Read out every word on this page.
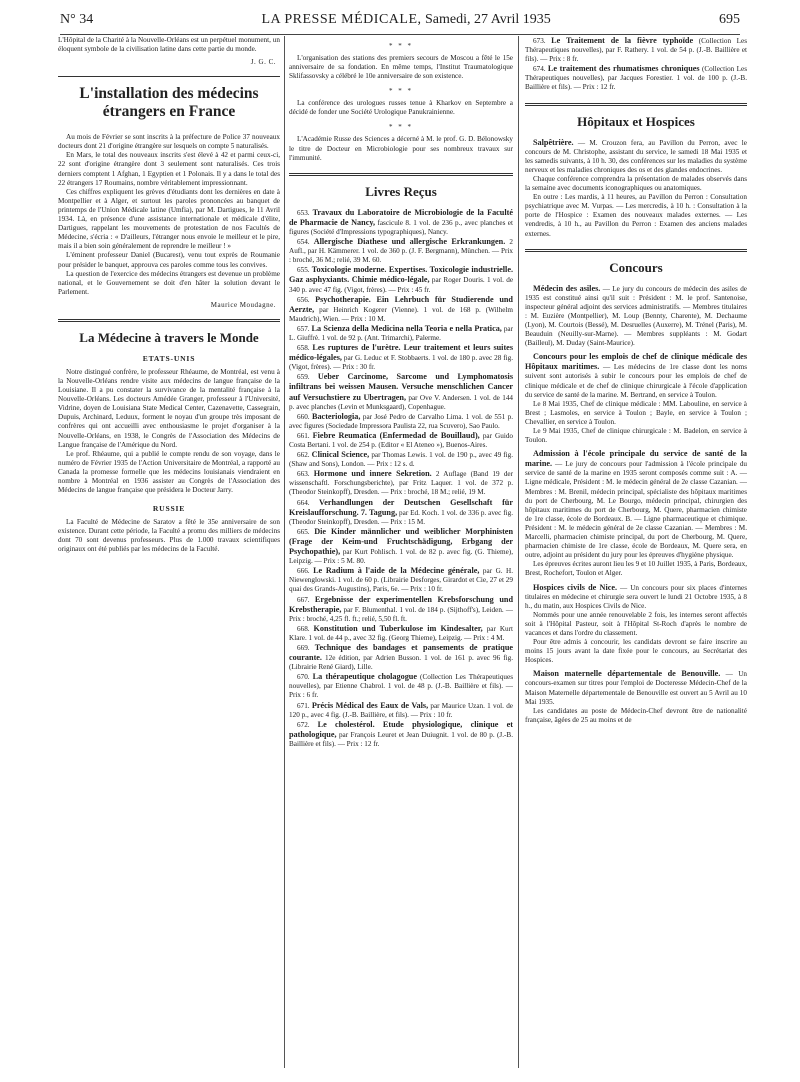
N° 34	LA PRESSE MÉDICALE, Samedi, 27 Avril 1935	695

L'Hôpital de la Charité à la Nouvelle-Orléans est un perpétuel monument, un éloquent symbole de la civilisation latine dans cette partie du monde.

J. G. C.
L'installation des médecins étrangers en France

Au mois de Février se sont inscrits à la préfecture de Police 37 nouveaux docteurs dont 21 d'origine étrangère sur lesquels on compte 5 naturalisés.

En Mars, le total des nouveaux inscrits s'est élevé à 42 et parmi ceux-ci, 22 sont d'origine étrangère dont 3 seulement sont naturalisés. Ces trois derniers comptent 1 Afghan, 1 Egyptien et 1 Polonais. Il y a dans le total des 22 étrangers 17 Roumains, nombre véritablement impressionnant.

Ces chiffres expliquent les grèves d'étudiants dont les dernières en date à Montpellier et à Alger, et surtout les paroles prononcées au banquet de printemps de l'Union Médicale latine (Umfia), par M. Dartigues, le 11 Avril 1934. Là, en présence d'une assistance internationale et médicale d'élite, Dartigues, rappelant les mouvements de protestation de nos Facultés de Médecine, s'écria : « D'ailleurs, l'étranger nous envoie le meilleur et le pire, mais il a bien soin généralement de reprendre le meilleur ! »

L'éminent professeur Daniel (Bucarest), venu tout exprès de Roumanie pour présider le banquet, approuva ces paroles comme tous les convives.

La question de l'exercice des médecins étrangers est devenue un problème national, et le Gouvernement se doit d'en hâter la solution devant le Parlement.

Maurice Moudagne.
La Médecine à travers le Monde
ETATS-UNIS

Notre distingué confrère, le professeur Rhéaume, de Montréal, est venu à la Nouvelle-Orléans rendre visite aux médecins de langue française de la Louisiane. Il a pu constater la survivance de la mentalité française à la Nouvelle-Orléans. Les docteurs Amédée Granger, professeur à l'Université, Vidrine, doyen de Louisiana State Medical Center, Cazenavette, Cassegrain, Dupuis, Archinard, Leduux, forment le noyau d'un groupe très imposant de confrères qui ont accueilli avec enthousiasme le projet d'organiser à la Nouvelle-Orléans, en 1938, le Congrès de l'Association des Médecins de Langue française de l'Amérique du Nord.

Le prof. Rhéaume, qui a publié le compte rendu de son voyage, dans le numéro de Février 1935 de l'Action Universitaire de Montréal, a rapporté au Canada la promesse formelle que les médecins louisianais viendraient en nombre à Montréal en 1936 assister au Congrès de l'Association des Médecins de langue française que présidera le Docteur Jarry.

RUSSIE

La Faculté de Médecine de Saratov a fêté le 35e anniversaire de son existence. Durant cette période, la Faculté a promu des milliers de médecins dont 70 sont devenus professeurs. Plus de 1.000 travaux scientifiques originaux ont été publiés par les médecins de la Faculté.

* * *

L'organisation des stations des premiers secours de Moscou a fêté le 15e anniversaire de sa fondation. En même temps, l'Institut Traumatologique Sklifassovsky a célébré le 10e anniversaire de son existence.

* * *

La conférence des urologues russes tenue à Kharkov en Septembre a décidé de fonder une Société Urologique Panukrainienne.

* * *

L'Académie Russe des Sciences a décerné à M. le prof. G. D. Bélonowsky le titre de Docteur en Microbiologie pour ses nombreux travaux sur l'immunité.

Livres Reçus

653. Travaux du Laboratoire de Microbiologie de la Faculté de Pharmacie de Nancy, fascicule 8. 1 vol. de 236 p., avec planches et figures (Société d'Impressions typographiques), Nancy.

654. Allergische Diathese und allergische Erkrankungen. 2 Aufl., par H. Kämmerer. 1 vol. de 360 p. (J. F. Bergmann), München. — Prix : broché, 36 M.; relié, 39 M. 60.

655. Toxicologie moderne. Expertises. Toxicologie industrielle. Gaz asphyxiants. Chimie médico-légale, par Roger Douris. 1 vol. de 340 p. avec 47 fig. (Vigot, frères). — Prix : 45 fr.

656. Psychotherapie. Ein Lehrbuch für Studierende und Aerzte, par Heinrich Kogerer (Vienne). 1 vol. de 168 p. (Wilhelm Maudrich), Wien. — Prix : 10 M.

657. La Scienza della Medicina nella Teoria e nella Pratica, par L. Giuffrè. 1 vol. de 92 p. (Ant. Trimarchi), Palerme.

658. Les ruptures de l'urètre. Leur traitement et leurs suites médico-légales, par G. Leduc et F. Stobbaerts. 1 vol. de 180 p. avec 28 fig. (Vigot, frères). — Prix : 30 fr.

659. Ueber Carcinome, Sarcome und Lymphomatosis infiltrans bei weissen Mausen. Versuche menschlichen Cancer auf Versuchstiere zu Ubertragen, par Ove V. Andersen. 1 vol. de 144 p. avec planches (Levin et Munksgaard), Copenhague.

660. Bacteriologia, par José Pedro de Carvalho Lima. 1 vol. de 551 p. avec figures (Sociedade Impressora Paulista 22, rua Scuvero), Sao Paulo.

661. Fiebre Reumatica (Enfermedad de Bouillaud), par Guido Costa Bertani. 1 vol. de 254 p. (Editor « El Ateneo »), Buenos-Aires.

662. Clinical Science, par Thomas Lewis. 1 vol. de 190 p., avec 49 fig. (Shaw and Sons), London. — Prix : 12 s. d.

663. Hormone und innere Sekretion. 2 Auflage (Band 19 der wissenschaftl. Forschungsberichte), par Fritz Laquer. 1 vol. de 372 p. (Theodor Steinkopff), Dresden. — Prix : broché, 18 M.; relié, 19 M.

664. Verhandlungen der Deutschen Gesellschaft für Kreislaufforschung. 7. Tagung, par Ed. Koch. 1 vol. de 336 p. avec fig. (Theodor Steinkopff), Dresden. — Prix : 15 M.

665. Die Kinder männlicher und weiblicher Morphinisten (Frage der Keim-und Fruchtschädigung, Erbgang der Psychopathie), par Kurt Pohlisch. 1 vol. de 82 p. avec fig. (G. Thieme), Leipzig. — Prix : 5 M. 80.

666. Le Radium à l'aide de la Médecine générale, par G. H. Niewenglowski. 1 vol. de 60 p. (Librairie Desforges, Girardot et Cie, 27 et 29 quai des Grands-Augustins), Paris, 6e. — Prix : 10 fr.

667. Ergebnisse der experimentellen Krebsforschung und Krebstherapie, par F. Blumenthal. 1 vol. de 184 p. (Sijthoff's), Leiden. — Prix : broché, 4,25 fl. ft.; relié, 5,50 fl. ft.

668. Konstitution und Tuberkulose im Kindesalter, par Kurt Klare. 1 vol. de 44 p., avec 32 fig. (Georg Thieme), Leipzig. — Prix : 4 M.

669. Technique des bandages et pansements de pratique courante. 12e édition, par Adrien Busson. 1 vol. de 161 p. avec 96 fig. (Librairie René Giard), Lille.

670. La thérapeutique cholagogue (Collection Les Thérapeutiques nouvelles), par Etienne Chabrol. 1 vol. de 48 p. (J.-B. Baillière et fils). — Prix : 6 fr.

671. Précis Médical des Eaux de Vals, par Maurice Uzan. 1 vol. de 120 p., avec 4 fig. (J.-B. Baillière, et fils). — Prix : 10 fr.

672. Le cholestérol. Etude physiologique, clinique et pathologique, par François Leuret et Jean Duiugnit. 1 vol. de 80 p. (J.-B. Baillière et fils). — Prix : 12 fr.

673. Le Traitement de la fièvre typhoïde (Collection Les Thérapeutiques nouvelles), par F. Rathery. 1 vol. de 54 p. (J.-B. Baillière et fils). — Prix : 8 fr.

674. Le traitement des rhumatismes chroniques (Collection Les Thérapeutiques nouvelles), par Jacques Forestier. 1 vol. de 100 p. (J.-B. Baillière et fils). — Prix : 12 fr.

Hôpitaux et Hospices

Salpêtrière. — M. Crouzon fera, au Pavillon du Perron, avec le concours de M. Christophe, assistant du service, le samedi 18 Mai 1935 et les samedis suivants, à 10 h. 30, des conférences sur les maladies du système nerveux et les maladies chroniques des os et des glandes endocrines.

Chaque conférence comprendra la présentation de malades observés dans la semaine avec documents iconographiques ou anatomiques.

En outre : Les mardis, à 11 heures, au Pavillon du Perron : Consultation psychiatrique avec M. Vurpas. — Les mercredis, à 10 h. : Consultation à la porte de l'Hospice : Examen des nouveaux malades externes. — Les vendredis, à 10 h., au Pavillon du Perron : Examen des anciens malades externes.

Concours

Médecin des asiles. — Le jury du concours de médecin des asiles de 1935 est constitué ainsi qu'il suit : Président : M. le prof. Santenoise, inspecteur général adjoint des services administratifs. — Membres titulaires : M. Euzière (Montpellier), M. Loup (Bennty, Charente), M. Dechaume (Lyon), M. Courtois (Bessé), M. Desruelles (Auxerre), M. Trénel (Paris), M. Beauduin (Neuilly-sur-Marne). — Membres suppléants : M. Godart (Bailleul), M. Duday (Saint-Maurice).

Concours pour les emplois de chef de clinique médicale des Hôpitaux maritimes. — Les médecins de 1re classe dont les noms suivent sont autorisés à subir le concours pour les emplois de chef de clinique médicale et de chef de clinique chirurgicale à l'école d'application du service de santé de la marine. M. Bertrand, en service à Toulon.

Le 8 Mai 1935, Chef de clinique médicale : MM. Labouline, en service à Brest ; Lasmoles, en service à Toulon ; Bayle, en service à Toulon ; Chevallier, en service à Toulon.

Le 9 Mai 1935, Chef de clinique chirurgicale : M. Badelon, en service à Toulon.

Admission à l'école principale du service de santé de la marine. — Le jury de concours pour l'admission à l'école principale du service de santé de la marine en 1935 seront composés comme suit : A. — Ligne médicale, Président : M. le médecin général de 2e classe Cazanian. — Membres : M. Brenil, médecin principal, spécialiste des hôpitaux maritimes du port de Cherbourg, M. Le Bourgo, médecin principal, chirurgien des hôpitaux maritimes du port de Cherbourg, M. Quere, pharmacien chimiste de 1re classe, école de Bordeaux. B. — Ligne pharmaceutique et chimique. Président : M. le médecin général de 2e classe Cazanian. — Membres : M. Marcelli, pharmacien chimiste principal, du port de Cherbourg, M. Quere, pharmacien chimiste de 1re classe, école de Bordeaux, M. Quere sera, en outre, adjoint au président du jury pour les épreuves d'hygiène physique.

Les épreuves écrites auront lieu les 9 et 10 Juillet 1935, à Paris, Bordeaux, Brest, Rochefort, Toulon et Alger.

Hospices civils de Nice. — Un concours pour six places d'internes titulaires en médecine et chirurgie sera ouvert le lundi 21 Octobre 1935, à 8 h., du matin, aux Hospices Civils de Nice.

Nommés pour une année renouvelable 2 fois, les internes seront affectés soit à l'Hôpital Pasteur, soit à l'Hôpital St-Roch d'après le nombre de vacances et dans l'ordre du classement.

Pour être admis à concourir, les candidats devront se faire inscrire au moins 15 jours avant la date fixée pour le concours, au Secrétariat des Hospices.

Maison maternelle départementale de Benouville. — Un concours-examen sur titres pour l'emploi de Docteresse Médecin-Chef de la Maison Maternelle départementale de Benouville est ouvert au 5 Avril au 10 Mai 1935.

Les candidates au poste de Médecin-Chef devront être de nationalité française, âgées de 25 au moins et de
